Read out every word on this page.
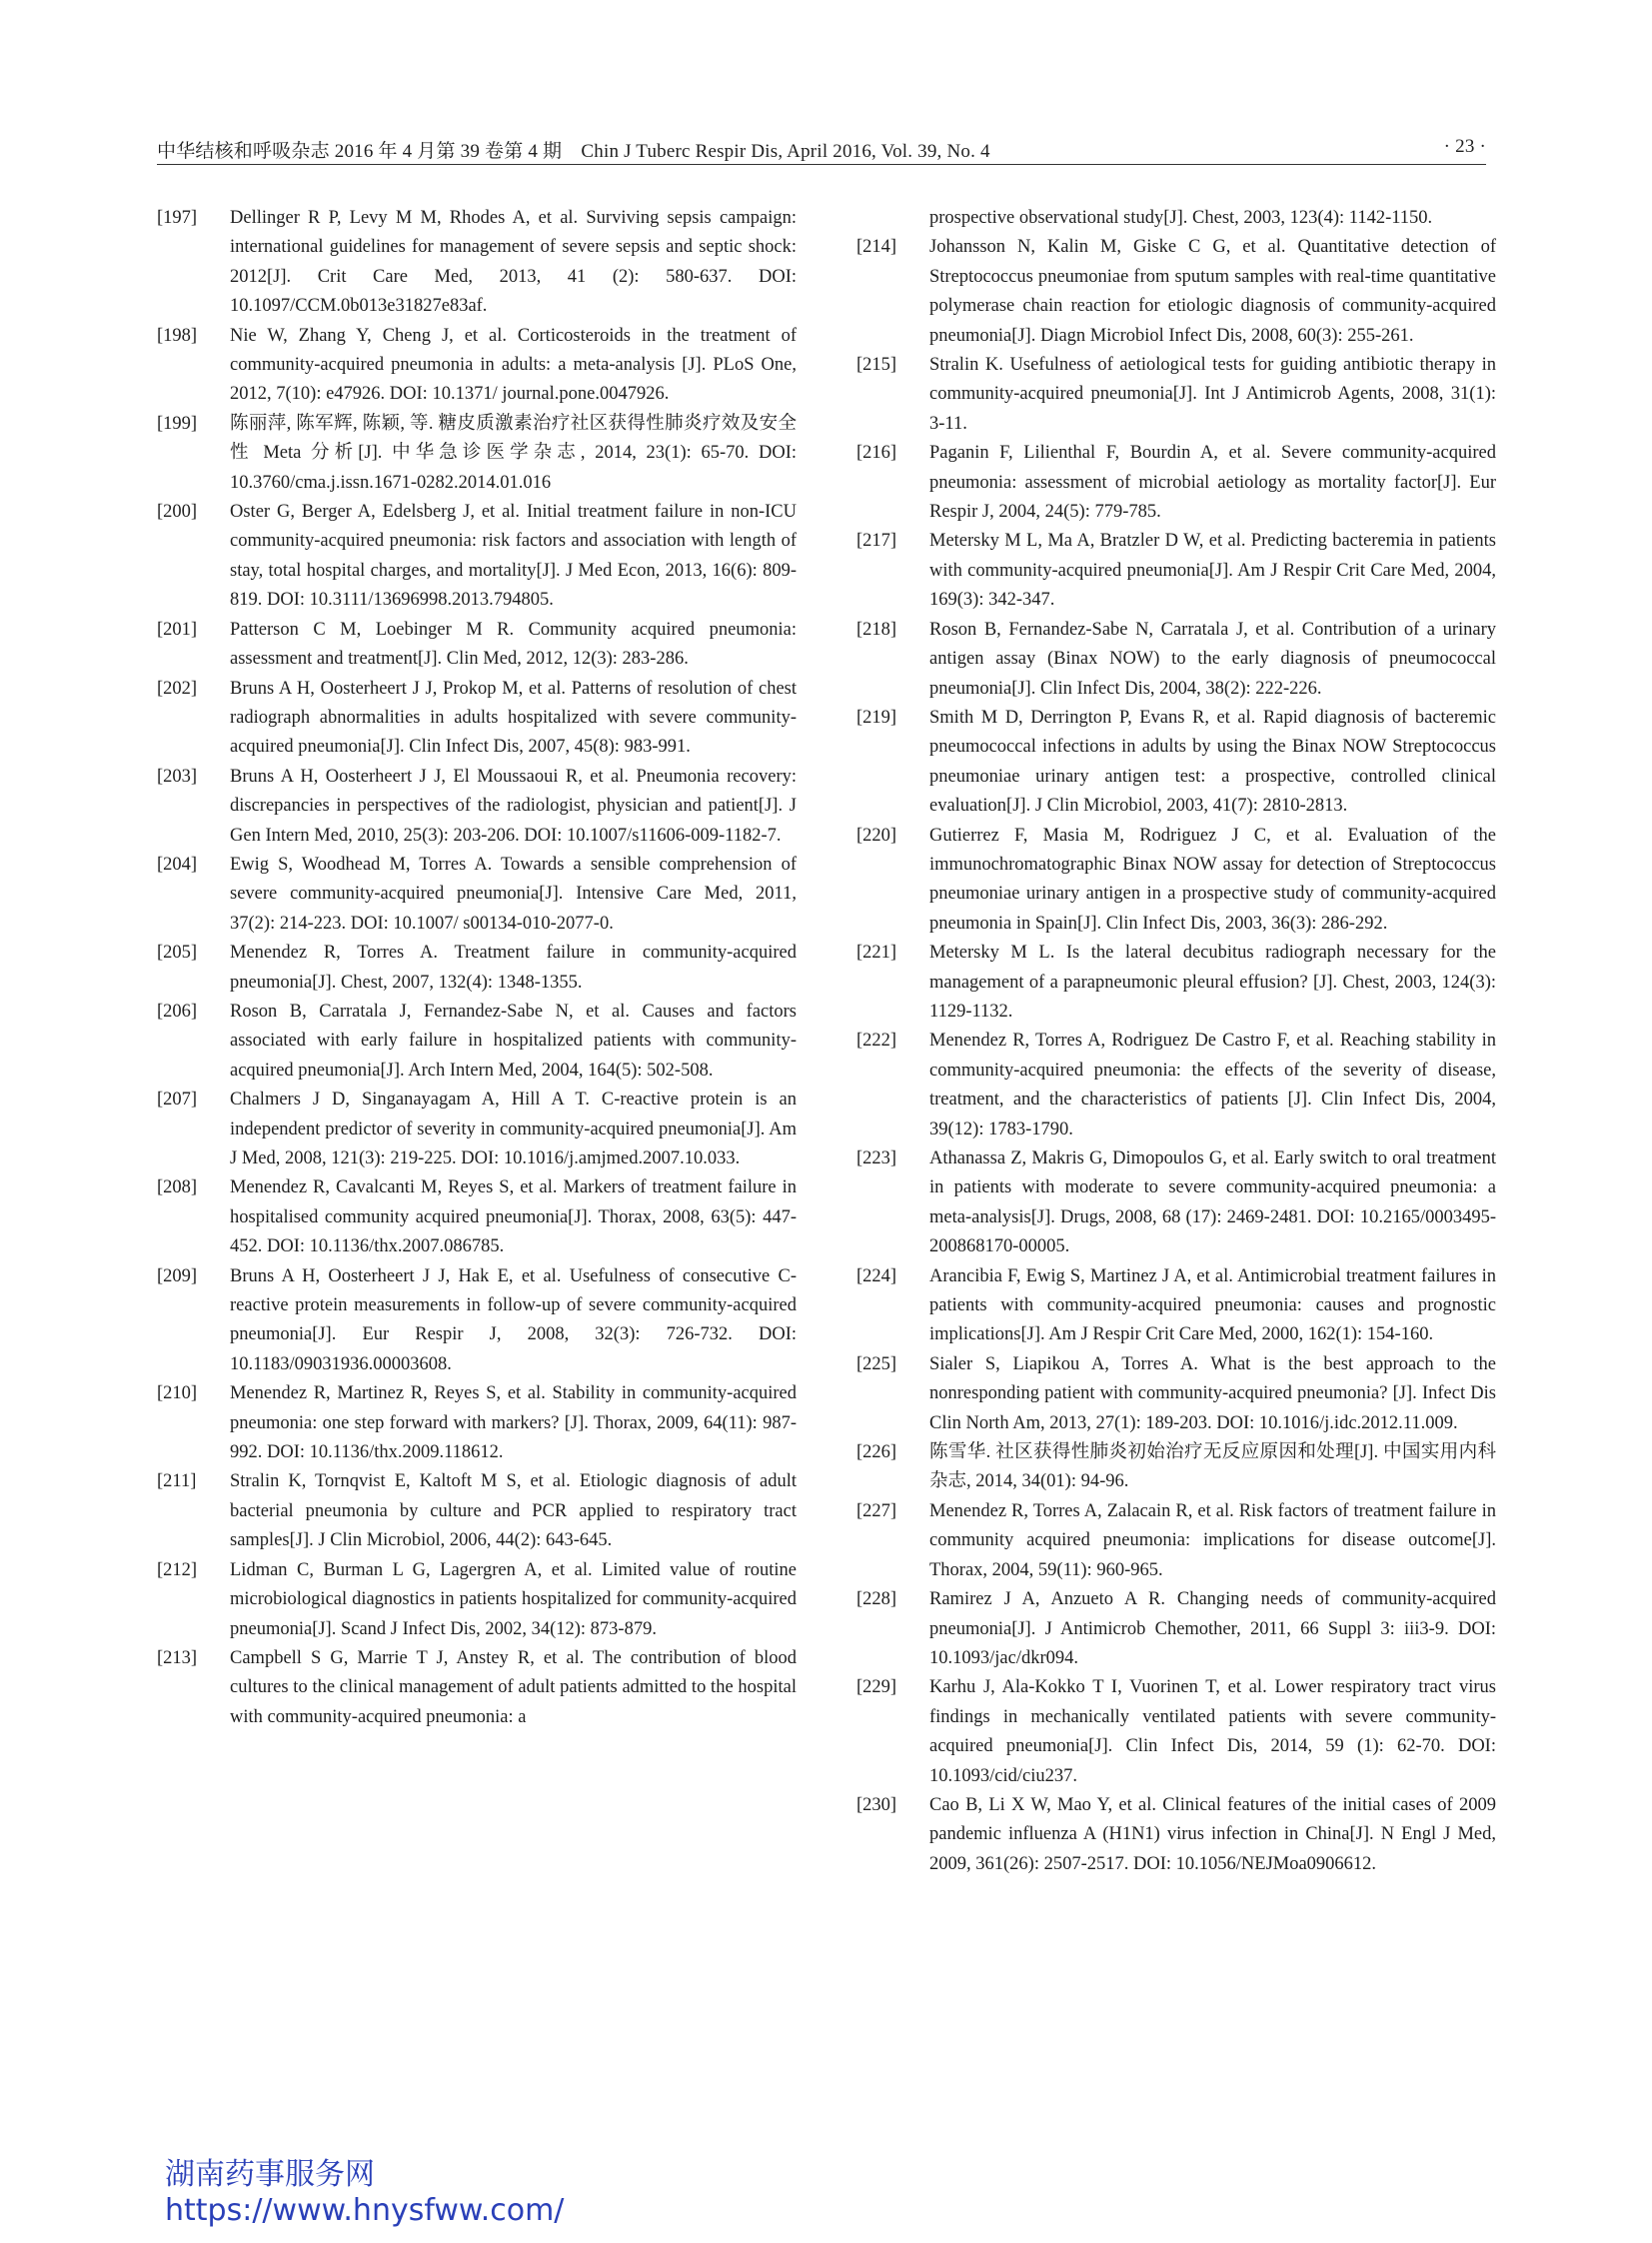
中华结核和呼吸杂志 2016 年 4 月第 39 卷第 4 期　Chin J Tuberc Respir Dis, April 2016, Vol. 39, No. 4	· 23 ·
[197] Dellinger R P, Levy M M, Rhodes A, et al. Surviving sepsis campaign: international guidelines for management of severe sepsis and septic shock: 2012[J]. Crit Care Med, 2013, 41 (2): 580-637. DOI: 10.1097/CCM.0b013e31827e83af.
[198] Nie W, Zhang Y, Cheng J, et al. Corticosteroids in the treatment of community-acquired pneumonia in adults: a meta-analysis [J]. PLoS One, 2012, 7(10): e47926. DOI: 10.1371/ journal.pone.0047926.
[199] 陈丽萍, 陈军辉, 陈颖, 等. 糖皮质激素治疗社区获得性肺炎疗效及安全性 Meta 分析[J]. 中华急诊医学杂志, 2014, 23(1): 65-70. DOI: 10.3760/cma.j.issn.1671-0282.2014.01.016
[200] Oster G, Berger A, Edelsberg J, et al. Initial treatment failure in non-ICU community-acquired pneumonia: risk factors and association with length of stay, total hospital charges, and mortality[J]. J Med Econ, 2013, 16(6): 809-819. DOI: 10.3111/13696998.2013.794805.
[201] Patterson C M, Loebinger M R. Community acquired pneumonia: assessment and treatment[J]. Clin Med, 2012, 12(3): 283-286.
[202] Bruns A H, Oosterheert J J, Prokop M, et al. Patterns of resolution of chest radiograph abnormalities in adults hospitalized with severe community-acquired pneumonia[J]. Clin Infect Dis, 2007, 45(8): 983-991.
[203] Bruns A H, Oosterheert J J, El Moussaoui R, et al. Pneumonia recovery: discrepancies in perspectives of the radiologist, physician and patient[J]. J Gen Intern Med, 2010, 25(3): 203-206. DOI: 10.1007/s11606-009-1182-7.
[204] Ewig S, Woodhead M, Torres A. Towards a sensible comprehension of severe community-acquired pneumonia[J]. Intensive Care Med, 2011, 37(2): 214-223. DOI: 10.1007/ s00134-010-2077-0.
[205] Menendez R, Torres A. Treatment failure in community-acquired pneumonia[J]. Chest, 2007, 132(4): 1348-1355.
[206] Roson B, Carratala J, Fernandez-Sabe N, et al. Causes and factors associated with early failure in hospitalized patients with community-acquired pneumonia[J]. Arch Intern Med, 2004, 164(5): 502-508.
[207] Chalmers J D, Singanayagam A, Hill A T. C-reactive protein is an independent predictor of severity in community-acquired pneumonia[J]. Am J Med, 2008, 121(3): 219-225. DOI: 10.1016/j.amjmed.2007.10.033.
[208] Menendez R, Cavalcanti M, Reyes S, et al. Markers of treatment failure in hospitalised community acquired pneumonia[J]. Thorax, 2008, 63(5): 447-452. DOI: 10.1136/thx.2007.086785.
[209] Bruns A H, Oosterheert J J, Hak E, et al. Usefulness of consecutive C-reactive protein measurements in follow-up of severe community-acquired pneumonia[J]. Eur Respir J, 2008, 32(3): 726-732. DOI: 10.1183/09031936.00003608.
[210] Menendez R, Martinez R, Reyes S, et al. Stability in community-acquired pneumonia: one step forward with markers? [J]. Thorax, 2009, 64(11): 987-992. DOI: 10.1136/thx.2009.118612.
[211] Stralin K, Tornqvist E, Kaltoft M S, et al. Etiologic diagnosis of adult bacterial pneumonia by culture and PCR applied to respiratory tract samples[J]. J Clin Microbiol, 2006, 44(2): 643-645.
[212] Lidman C, Burman L G, Lagergren A, et al. Limited value of routine microbiological diagnostics in patients hospitalized for community-acquired pneumonia[J]. Scand J Infect Dis, 2002, 34(12): 873-879.
[213] Campbell S G, Marrie T J, Anstey R, et al. The contribution of blood cultures to the clinical management of adult patients admitted to the hospital with community-acquired pneumonia: a
prospective observational study[J]. Chest, 2003, 123(4): 1142-1150.
[214] Johansson N, Kalin M, Giske C G, et al. Quantitative detection of Streptococcus pneumoniae from sputum samples with real-time quantitative polymerase chain reaction for etiologic diagnosis of community-acquired pneumonia[J]. Diagn Microbiol Infect Dis, 2008, 60(3): 255-261.
[215] Stralin K. Usefulness of aetiological tests for guiding antibiotic therapy in community-acquired pneumonia[J]. Int J Antimicrob Agents, 2008, 31(1): 3-11.
[216] Paganin F, Lilienthal F, Bourdin A, et al. Severe community-acquired pneumonia: assessment of microbial aetiology as mortality factor[J]. Eur Respir J, 2004, 24(5): 779-785.
[217] Metersky M L, Ma A, Bratzler D W, et al. Predicting bacteremia in patients with community-acquired pneumonia[J]. Am J Respir Crit Care Med, 2004, 169(3): 342-347.
[218] Roson B, Fernandez-Sabe N, Carratala J, et al. Contribution of a urinary antigen assay (Binax NOW) to the early diagnosis of pneumococcal pneumonia[J]. Clin Infect Dis, 2004, 38(2): 222-226.
[219] Smith M D, Derrington P, Evans R, et al. Rapid diagnosis of bacteremic pneumococcal infections in adults by using the Binax NOW Streptococcus pneumoniae urinary antigen test: a prospective, controlled clinical evaluation[J]. J Clin Microbiol, 2003, 41(7): 2810-2813.
[220] Gutierrez F, Masia M, Rodriguez J C, et al. Evaluation of the immunochromatographic Binax NOW assay for detection of Streptococcus pneumoniae urinary antigen in a prospective study of community-acquired pneumonia in Spain[J]. Clin Infect Dis, 2003, 36(3): 286-292.
[221] Metersky M L. Is the lateral decubitus radiograph necessary for the management of a parapneumonic pleural effusion? [J]. Chest, 2003, 124(3): 1129-1132.
[222] Menendez R, Torres A, Rodriguez De Castro F, et al. Reaching stability in community-acquired pneumonia: the effects of the severity of disease, treatment, and the characteristics of patients [J]. Clin Infect Dis, 2004, 39(12): 1783-1790.
[223] Athanassa Z, Makris G, Dimopoulos G, et al. Early switch to oral treatment in patients with moderate to severe community-acquired pneumonia: a meta-analysis[J]. Drugs, 2008, 68 (17): 2469-2481. DOI: 10.2165/0003495-200868170-00005.
[224] Arancibia F, Ewig S, Martinez J A, et al. Antimicrobial treatment failures in patients with community-acquired pneumonia: causes and prognostic implications[J]. Am J Respir Crit Care Med, 2000, 162(1): 154-160.
[225] Sialer S, Liapikou A, Torres A. What is the best approach to the nonresponding patient with community-acquired pneumonia? [J]. Infect Dis Clin North Am, 2013, 27(1): 189-203. DOI: 10.1016/j.idc.2012.11.009.
[226] 陈雪华. 社区获得性肺炎初始治疗无反应原因和处理[J]. 中国实用内科杂志, 2014, 34(01): 94-96.
[227] Menendez R, Torres A, Zalacain R, et al. Risk factors of treatment failure in community acquired pneumonia: implications for disease outcome[J]. Thorax, 2004, 59(11): 960-965.
[228] Ramirez J A, Anzueto A R. Changing needs of community-acquired pneumonia[J]. J Antimicrob Chemother, 2011, 66 Suppl 3: iii3-9. DOI: 10.1093/jac/dkr094.
[229] Karhu J, Ala-Kokko T I, Vuorinen T, et al. Lower respiratory tract virus findings in mechanically ventilated patients with severe community-acquired pneumonia[J]. Clin Infect Dis, 2014, 59 (1): 62-70. DOI: 10.1093/cid/ciu237.
[230] Cao B, Li X W, Mao Y, et al. Clinical features of the initial cases of 2009 pandemic influenza A (H1N1) virus infection in China[J]. N Engl J Med, 2009, 361(26): 2507-2517. DOI: 10.1056/NEJMoa0906612.
湖南药事服务网
https://www.hnysfww.com/
